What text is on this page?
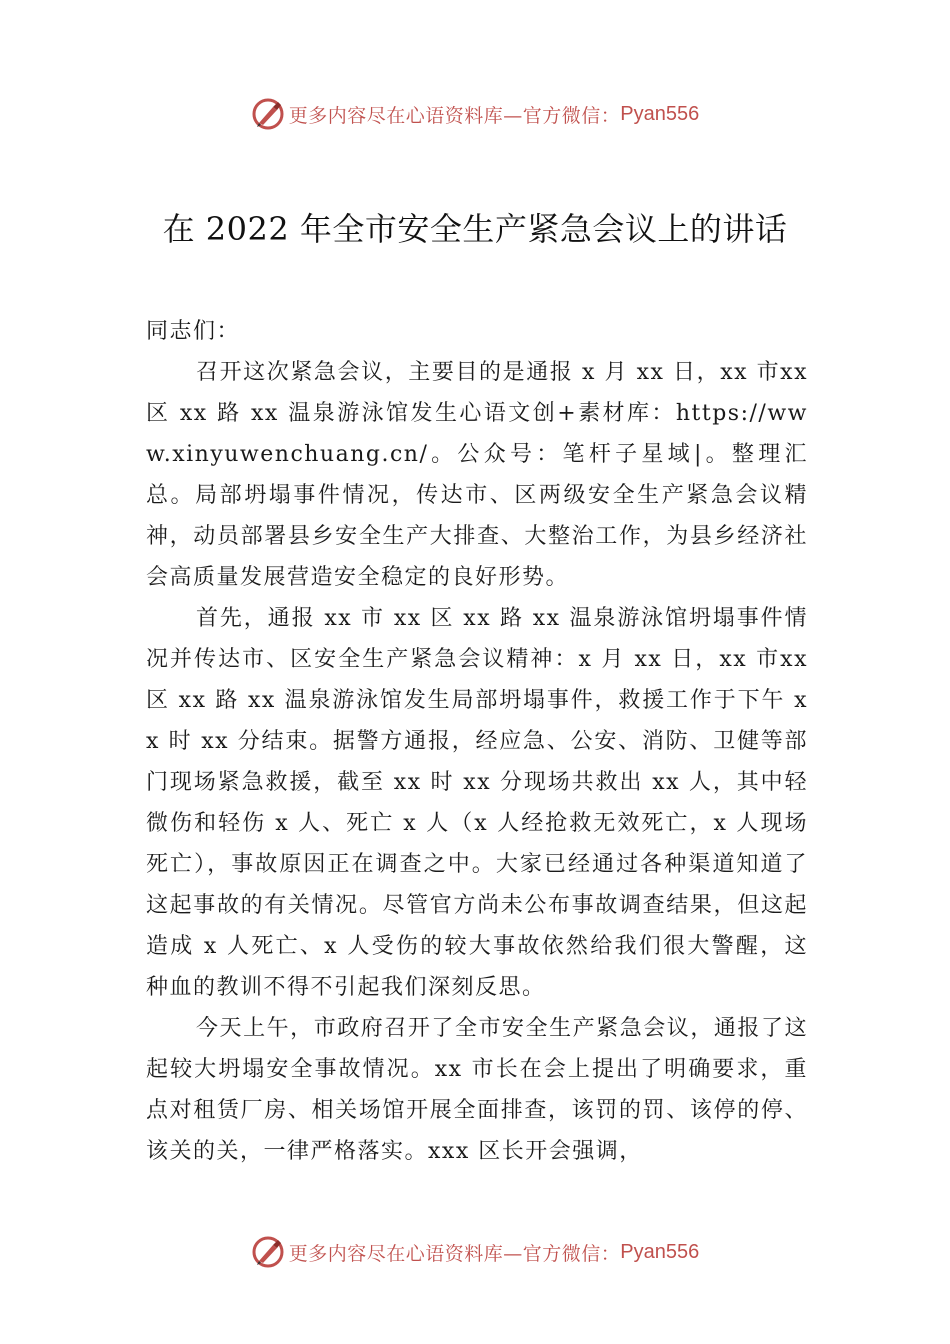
更多内容尽在心语资料库—官方微信： Pyan556
在 2022 年全市安全生产紧急会议上的讲话

同志们：

召开这次紧急会议，主要目的是通报 x 月 xx 日，xx 市xx 区 xx 路 xx 温泉游泳馆发生心语文创+素材库：https://www.xinyuwenchuang.cn/。公众号：笔杆子星域|。整理汇总。局部坍塌事件情况，传达市、区两级安全生产紧急会议精神，动员部署县乡安全生产大排查、大整治工作，为县乡经济社会高质量发展营造安全稳定的良好形势。

首先，通报 xx 市 xx 区 xx 路 xx 温泉游泳馆坍塌事件情况并传达市、区安全生产紧急会议精神：x 月 xx 日，xx 市xx 区 xx 路 xx 温泉游泳馆发生局部坍塌事件，救援工作于下午 xx 时 xx 分结束。据警方通报，经应急、公安、消防、卫健等部门现场紧急救援，截至 xx 时 xx 分现场共救出 xx 人，其中轻微伤和轻伤 x 人、死亡 x 人（x 人经抢救无效死亡，x 人现场死亡），事故原因正在调查之中。大家已经通过各种渠道知道了这起事故的有关情况。尽管官方尚未公布事故调查结果，但这起造成 x 人死亡、x 人受伤的较大事故依然给我们很大警醒，这种血的教训不得不引起我们深刻反思。

今天上午，市政府召开了全市安全生产紧急会议，通报了这起较大坍塌安全事故情况。xx 市长在会上提出了明确要求，重点对租赁厂房、相关场馆开展全面排查，该罚的罚、该停的停、该关的关，一律严格落实。xxx 区长开会强调，

更多内容尽在心语资料库—官方微信： Pyan556
